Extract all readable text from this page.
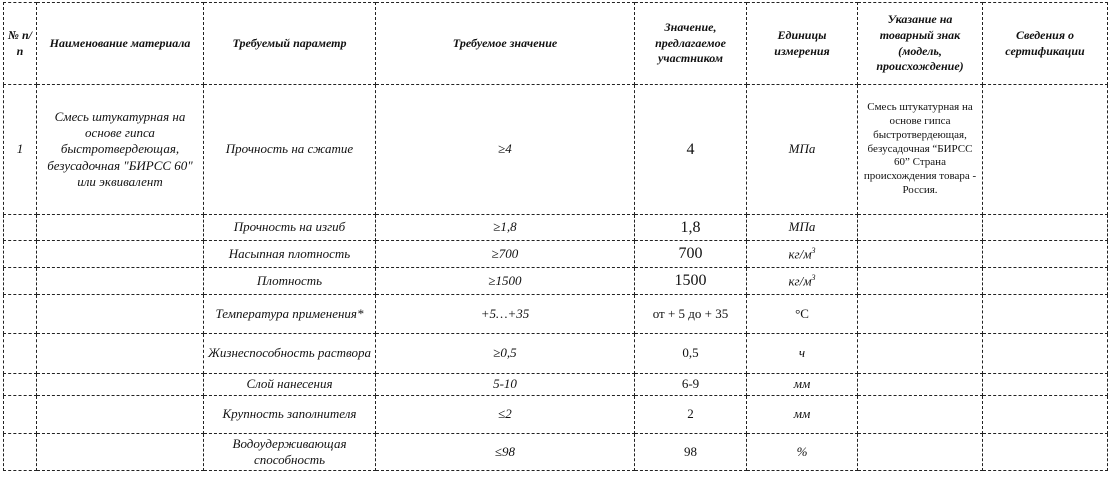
№ п/п	Наименование материала	Требуемый параметр	Требуемое значение	Значение, предлагаемое участником	Единицы измерения	Указание на товарный знак (модель, происхождение)	Сведения о сертификации
1	Смесь штукатурная на основе гипса быстротвердеющая, безусадочная "БИРСС 60" или эквивалент	Прочность на сжатие	≥4	4	МПа	Смесь штукатурная на основе гипса быстротвердеющая, безусадочная “БИРСС 60” Страна происхождения товара - Россия.	
		Прочность на изгиб	≥1,8	1,8	МПа		
		Насыпная плотность	≥700	700	$кг/м^3$		
		Плотность	≥1500	1500	$кг/м^3$		
		Температура применения*	+5…+35	от + 5 до + 35	°С		
		Жизнеспособность раствора	≥0,5	0,5	ч		
		Слой нанесения	5-10	6-9	мм		
		Крупность заполнителя	≤2	2	мм		
		Водоудерживающая способность	≤98	98	%		
